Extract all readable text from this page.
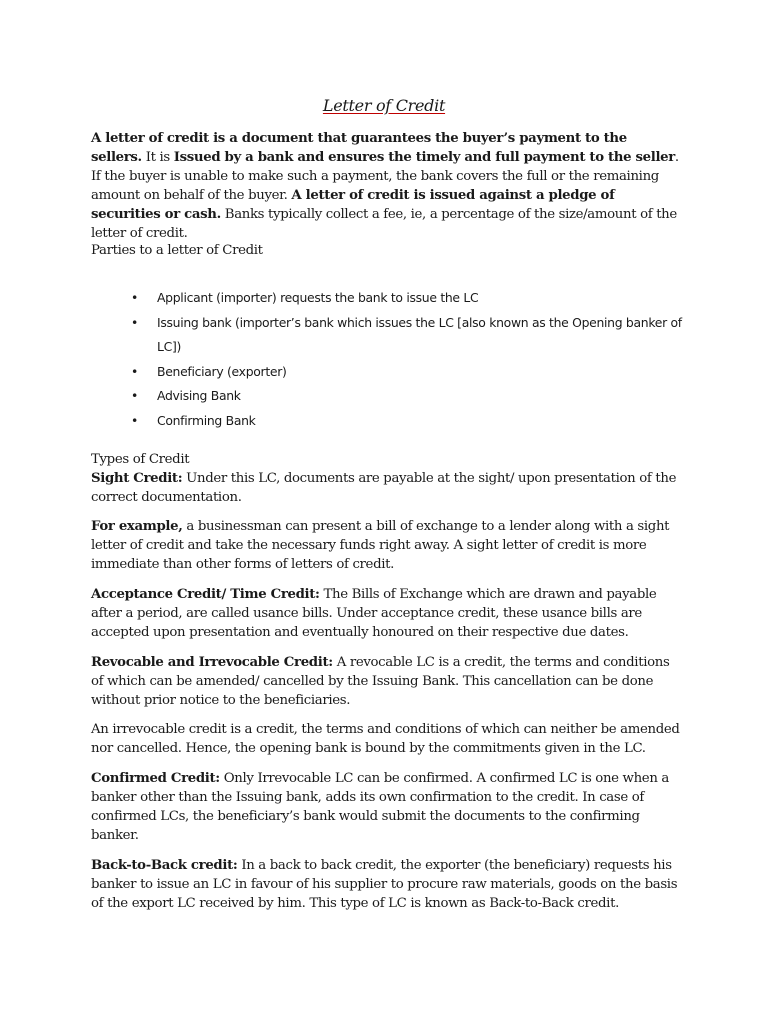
Letter of Credit

A letter of credit is a document that guarantees the buyer’s payment to the sellers. It is Issued by a bank and ensures the timely and full payment to the seller. If the buyer is unable to make such a payment, the bank covers the full or the remaining amount on behalf of the buyer. A letter of credit is issued against a pledge of securities or cash. Banks typically collect a fee, ie, a percentage of the size/amount of the letter of credit.

Parties to a letter of Credit

• Applicant (importer) requests the bank to issue the LC
• Issuing bank (importer’s bank which issues the LC [also known as the Opening banker of LC])
• Beneficiary (exporter)
• Advising Bank
• Confirming Bank

Types of Credit

Sight Credit: Under this LC, documents are payable at the sight/ upon presentation of the correct documentation.

For example, a businessman can present a bill of exchange to a lender along with a sight letter of credit and take the necessary funds right away. A sight letter of credit is more immediate than other forms of letters of credit.

Acceptance Credit/ Time Credit: The Bills of Exchange which are drawn and payable after a period, are called usance bills. Under acceptance credit, these usance bills are accepted upon presentation and eventually honoured on their respective due dates.

Revocable and Irrevocable Credit: A revocable LC is a credit, the terms and conditions of which can be amended/ cancelled by the Issuing Bank. This cancellation can be done without prior notice to the beneficiaries.

An irrevocable credit is a credit, the terms and conditions of which can neither be amended nor cancelled. Hence, the opening bank is bound by the commitments given in the LC.

Confirmed Credit: Only Irrevocable LC can be confirmed. A confirmed LC is one when a banker other than the Issuing bank, adds its own confirmation to the credit. In case of confirmed LCs, the beneficiary’s bank would submit the documents to the confirming banker.

Back-to-Back credit: In a back to back credit, the exporter (the beneficiary) requests his banker to issue an LC in favour of his supplier to procure raw materials, goods on the basis of the export LC received by him. This type of LC is known as Back-to-Back credit.
